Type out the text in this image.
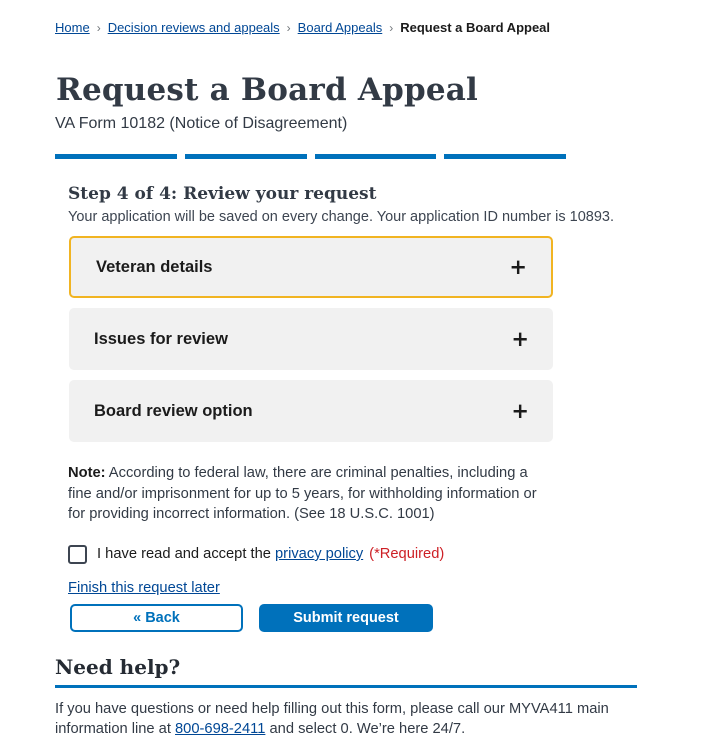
Home › Decision reviews and appeals › Board Appeals › Request a Board Appeal
Request a Board Appeal
VA Form 10182 (Notice of Disagreement)
Step 4 of 4: Review your request
Your application will be saved on every change. Your application ID number is 10893.
Veteran details	+
Issues for review	+
Board review option	+

Note: According to federal law, there are criminal penalties, including a fine and/or imprisonment for up to 5 years, for withholding information or for providing incorrect information. (See 18 U.S.C. 1001)

I have read and accept the privacy policy (*Required)
Finish this request later
« Back	Submit request
Need help?

If you have questions or need help filling out this form, please call our MYVA411 main information line at 800-698-2411 and select 0. We’re here 24/7.
